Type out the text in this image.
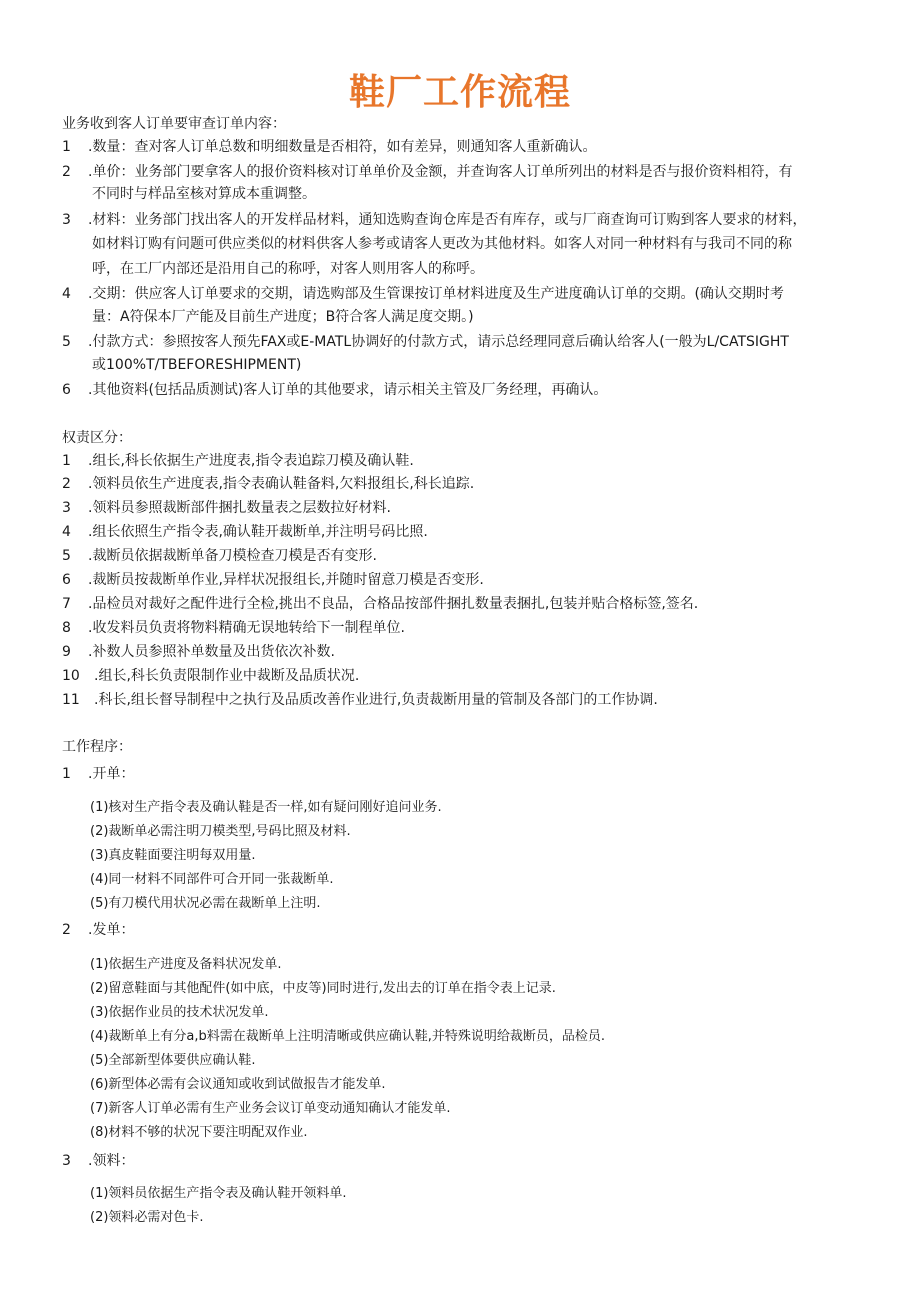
鞋厂工作流程
业务收到客人订单要审查订单内容：
1 .数量：查对客人订单总数和明细数量是否相符，如有差异，则通知客人重新确认。
2 .单价：业务部门要拿客人的报价资料核对订单单价及金额，并查询客人订单所列出的材料是否与报价资料相符，有
不同时与样品室核对算成本重调整。
3 .材料：业务部门找出客人的开发样品材料，通知选购查询仓库是否有库存，或与厂商查询可订购到客人要求的材料，
如材料订购有问题可供应类似的材料供客人参考或请客人更改为其他材料。如客人对同一种材料有与我司不同的称
呼，在工厂内部还是沿用自己的称呼，对客人则用客人的称呼。
4 .交期：供应客人订单要求的交期，请选购部及生管课按订单材料进度及生产进度确认订单的交期。(确认交期时考
量：A符保本厂产能及目前生产进度；B符合客人满足度交期。)
5 .付款方式：参照按客人预先FAX或E-MATL协调好的付款方式，请示总经理同意后确认给客人(一般为L/CATSIGHT
或100%T/TBEFORESHIPMENT)
6 .其他资料(包括品质测试)客人订单的其他要求，请示相关主管及厂务经理，再确认。
权责区分：
1 .组长,科长依据生产进度表,指令表追踪刀模及确认鞋.
2 .领料员依生产进度表,指令表确认鞋备料,欠料报组长,科长追踪.
3 .领料员参照裁断部件捆扎数量表之层数拉好材料.
4 .组长依照生产指令表,确认鞋开裁断单,并注明号码比照.
5 .裁断员依据裁断单备刀模检查刀模是否有变形.
6 .裁断员按裁断单作业,异样状况报组长,并随时留意刀模是否变形.
7 .品检员对裁好之配件进行全检,挑出不良品，合格品按部件捆扎数量表捆扎,包装并贴合格标签,签名.
8 .收发料员负责将物料精确无误地转给下一制程单位.
9 .补数人员参照补单数量及出货依次补数.
10 .组长,科长负责限制作业中裁断及品质状况.
11 .科长,组长督导制程中之执行及品质改善作业进行,负责裁断用量的管制及各部门的工作协调.
工作程序：
1 .开单：
(1)核对生产指令表及确认鞋是否一样,如有疑问刚好追问业务.
(2)裁断单必需注明刀模类型,号码比照及材料.
(3)真皮鞋面要注明每双用量.
(4)同一材料不同部件可合开同一张裁断单.
(5)有刀模代用状况必需在裁断单上注明.
2 .发单：
(1)依据生产进度及备料状况发单.
(2)留意鞋面与其他配件(如中底，中皮等)同时进行,发出去的订单在指令表上记录.
(3)依据作业员的技术状况发单.
(4)裁断单上有分a,b料需在裁断单上注明清晰或供应确认鞋,并特殊说明给裁断员，品检员.
(5)全部新型体要供应确认鞋.
(6)新型体必需有会议通知或收到试做报告才能发单.
(7)新客人订单必需有生产业务会议订单变动通知确认才能发单.
(8)材料不够的状况下要注明配双作业.
3 .领料：
(1)领料员依据生产指令表及确认鞋开领料单.
(2)领料必需对色卡.
